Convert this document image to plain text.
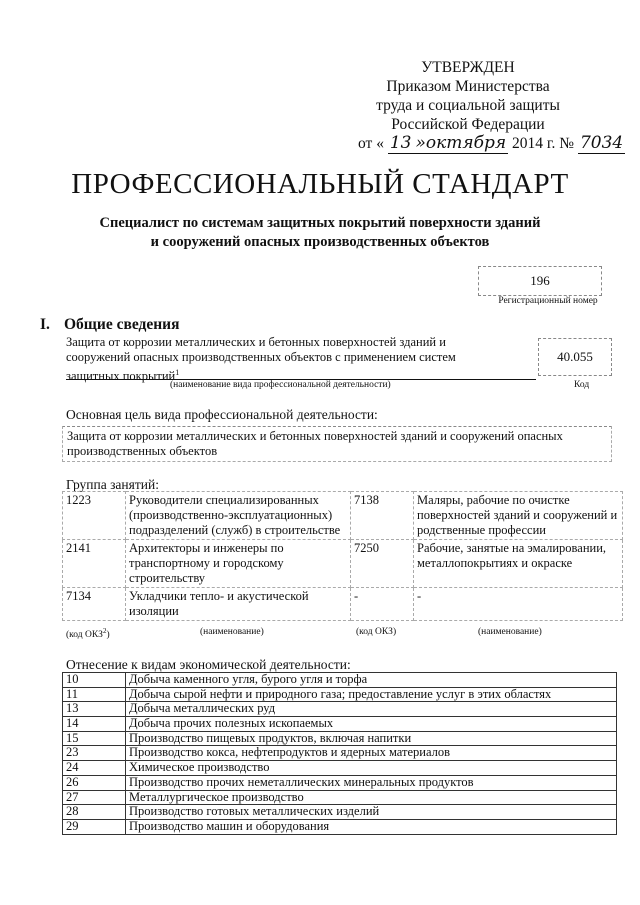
УТВЕРЖДЕН
Приказом Министерства
труда и социальной защиты
Российской Федерации
от « 13 »октября 2014 г. № 7034
ПРОФЕССИОНАЛЬНЫЙ СТАНДАРТ
Специалист по системам защитных покрытий поверхности зданий
и сооружений опасных производственных объектов
196
Регистрационный номер
I. Общие сведения
Защита от коррозии металлических и бетонных поверхностей зданий и сооружений опасных производственных объектов с применением систем защитных покрытий$^1$
(наименование вида профессиональной деятельности)
40.055
Код
Основная цель вида профессиональной деятельности:
Защита от коррозии металлических и бетонных поверхностей зданий и сооружений опасных производственных объектов
Группа занятий:
1223	Руководители специализированных (производственно-эксплуатационных) подразделений (служб) в строительстве	7138	Маляры, рабочие по очистке поверхностей зданий и сооружений и родственные профессии
2141	Архитекторы и инженеры по транспортному и городскому строительству	7250	Рабочие, занятые на эмалировании, металлопокрытиях и окраске
7134	Укладчики тепло- и акустической изоляции	-	-
(код ОКЗ$^2$)	(наименование)	(код ОКЗ)	(наименование)
Отнесение к видам экономической деятельности:
10	Добыча каменного угля, бурого угля и торфа
11	Добыча сырой нефти и природного газа; предоставление услуг в этих областях
13	Добыча металлических руд
14	Добыча прочих полезных ископаемых
15	Производство пищевых продуктов, включая напитки
23	Производство кокса, нефтепродуктов и ядерных материалов
24	Химическое производство
26	Производство прочих неметаллических минеральных продуктов
27	Металлургическое производство
28	Производство готовых металлических изделий
29	Производство машин и оборудования
